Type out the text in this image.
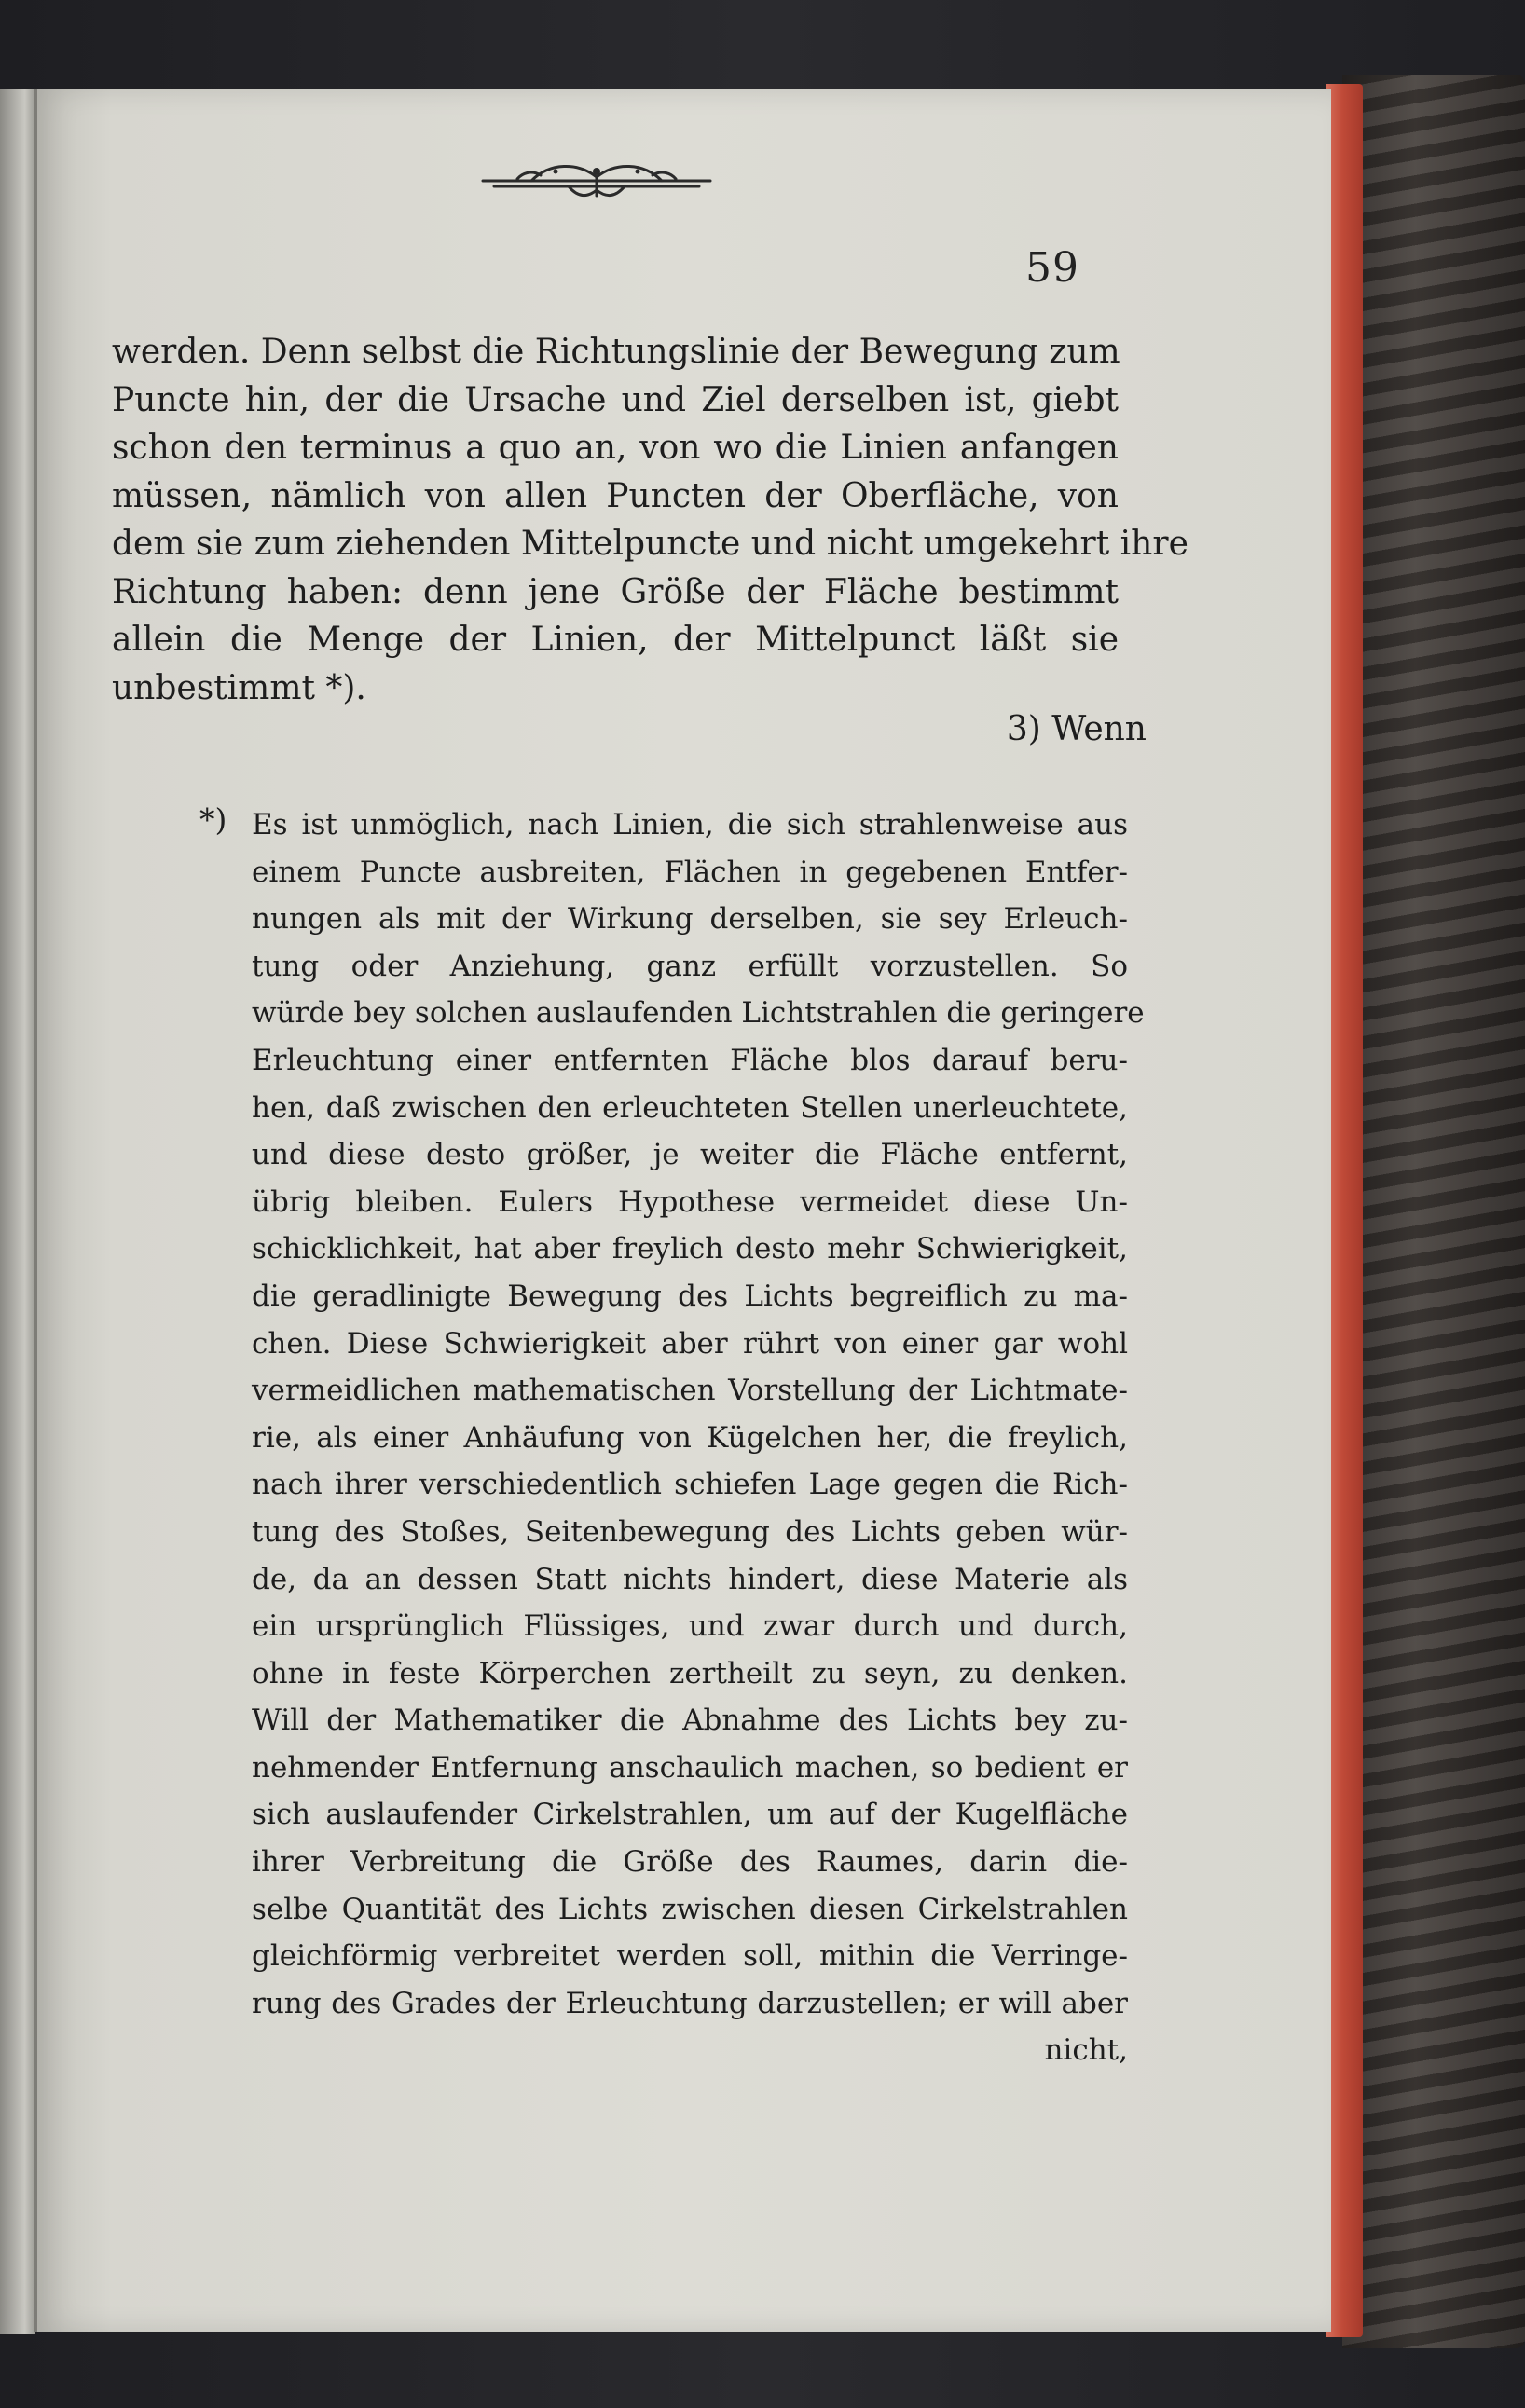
59
werden. Denn selbst die Richtungslinie der Bewegung zum
Puncte hin, der die Ursache und Ziel derselben ist, giebt
schon den terminus a quo an, von wo die Linien anfangen
müssen, nämlich von allen Puncten der Oberfläche, von
dem sie zum ziehenden Mittelpuncte und nicht umgekehrt ihre
Richtung haben: denn jene Größe der Fläche bestimmt
allein die Menge der Linien, der Mittelpunct läßt sie
unbestimmt *).
3) Wenn
*) Es ist unmöglich, nach Linien, die sich strahlenweise aus
einem Puncte ausbreiten, Flächen in gegebenen Entfer-
nungen als mit der Wirkung derselben, sie sey Erleuch-
tung oder Anziehung, ganz erfüllt vorzustellen. So
würde bey solchen auslaufenden Lichtstrahlen die geringere
Erleuchtung einer entfernten Fläche blos darauf beru-
hen, daß zwischen den erleuchteten Stellen unerleuchtete,
und diese desto größer, je weiter die Fläche entfernt,
übrig bleiben. Eulers Hypothese vermeidet diese Un-
schicklichkeit, hat aber freylich desto mehr Schwierigkeit,
die geradlinigte Bewegung des Lichts begreiflich zu ma-
chen. Diese Schwierigkeit aber rührt von einer gar wohl
vermeidlichen mathematischen Vorstellung der Lichtmate-
rie, als einer Anhäufung von Kügelchen her, die freylich,
nach ihrer verschiedentlich schiefen Lage gegen die Rich-
tung des Stoßes, Seitenbewegung des Lichts geben wür-
de, da an dessen Statt nichts hindert, diese Materie als
ein ursprünglich Flüssiges, und zwar durch und durch,
ohne in feste Körperchen zertheilt zu seyn, zu denken.
Will der Mathematiker die Abnahme des Lichts bey zu-
nehmender Entfernung anschaulich machen, so bedient er
sich auslaufender Cirkelstrahlen, um auf der Kugelfläche
ihrer Verbreitung die Größe des Raumes, darin die-
selbe Quantität des Lichts zwischen diesen Cirkelstrahlen
gleichförmig verbreitet werden soll, mithin die Verringe-
rung des Grades der Erleuchtung darzustellen; er will aber
nicht,
